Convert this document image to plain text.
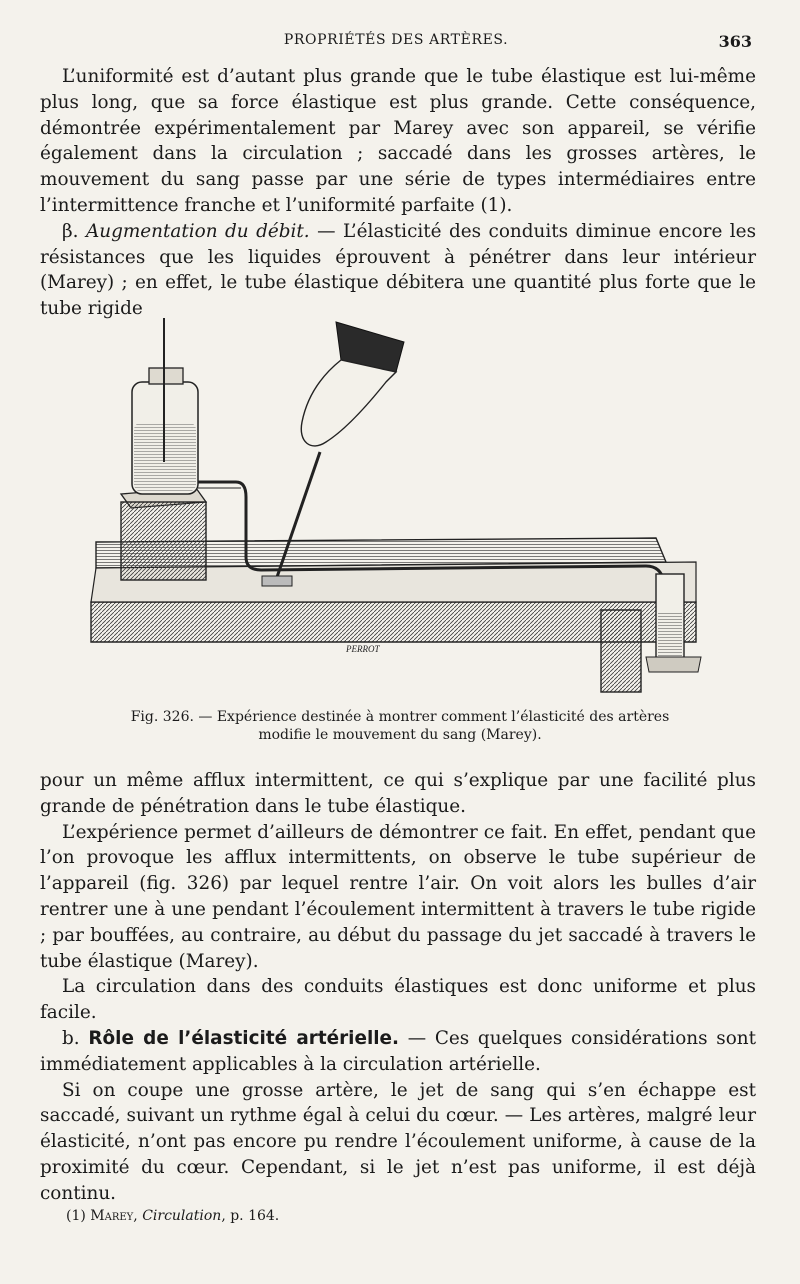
PROPRIÉTÉS DES ARTÈRES.	363

L’uniformité est d’autant plus grande que le tube élastique est lui-même plus long, que sa force élastique est plus grande. Cette conséquence, démontrée expérimentalement par Marey avec son appareil, se vérifie également dans la circulation ; saccadé dans les grosses artères, le mouvement du sang passe par une série de types intermédiaires entre l’intermittence franche et l’uniformité parfaite (1).

β. Augmentation du débit. — L’élasticité des conduits diminue encore les résistances que les liquides éprouvent à pénétrer dans leur intérieur (Marey) ; en effet, le tube élastique débitera une quantité plus forte que le tube rigide

PERROT
Fig. 326. — Expérience destinée à montrer comment l’élasticité des artères
modifie le mouvement du sang (Marey).

pour un même afflux intermittent, ce qui s’explique par une facilité plus grande de pénétration dans le tube élastique.

L’expérience permet d’ailleurs de démontrer ce fait. En effet, pendant que l’on provoque les afflux intermittents, on observe le tube supérieur de l’appareil (fig. 326) par lequel rentre l’air. On voit alors les bulles d’air rentrer une à une pendant l’écoulement intermittent à travers le tube rigide ; par bouffées, au contraire, au début du passage du jet saccadé à travers le tube élastique (Marey).

La circulation dans des conduits élastiques est donc uniforme et plus facile.

b. Rôle de l’élasticité artérielle. — Ces quelques considérations sont immédiatement applicables à la circulation artérielle.

Si on coupe une grosse artère, le jet de sang qui s’en échappe est saccadé, suivant un rythme égal à celui du cœur. — Les artères, malgré leur élasticité, n’ont pas encore pu rendre l’écoulement uniforme, à cause de la proximité du cœur. Cependant, si le jet n’est pas uniforme, il est déjà continu.

(1) Marey, Circulation, p. 164.
